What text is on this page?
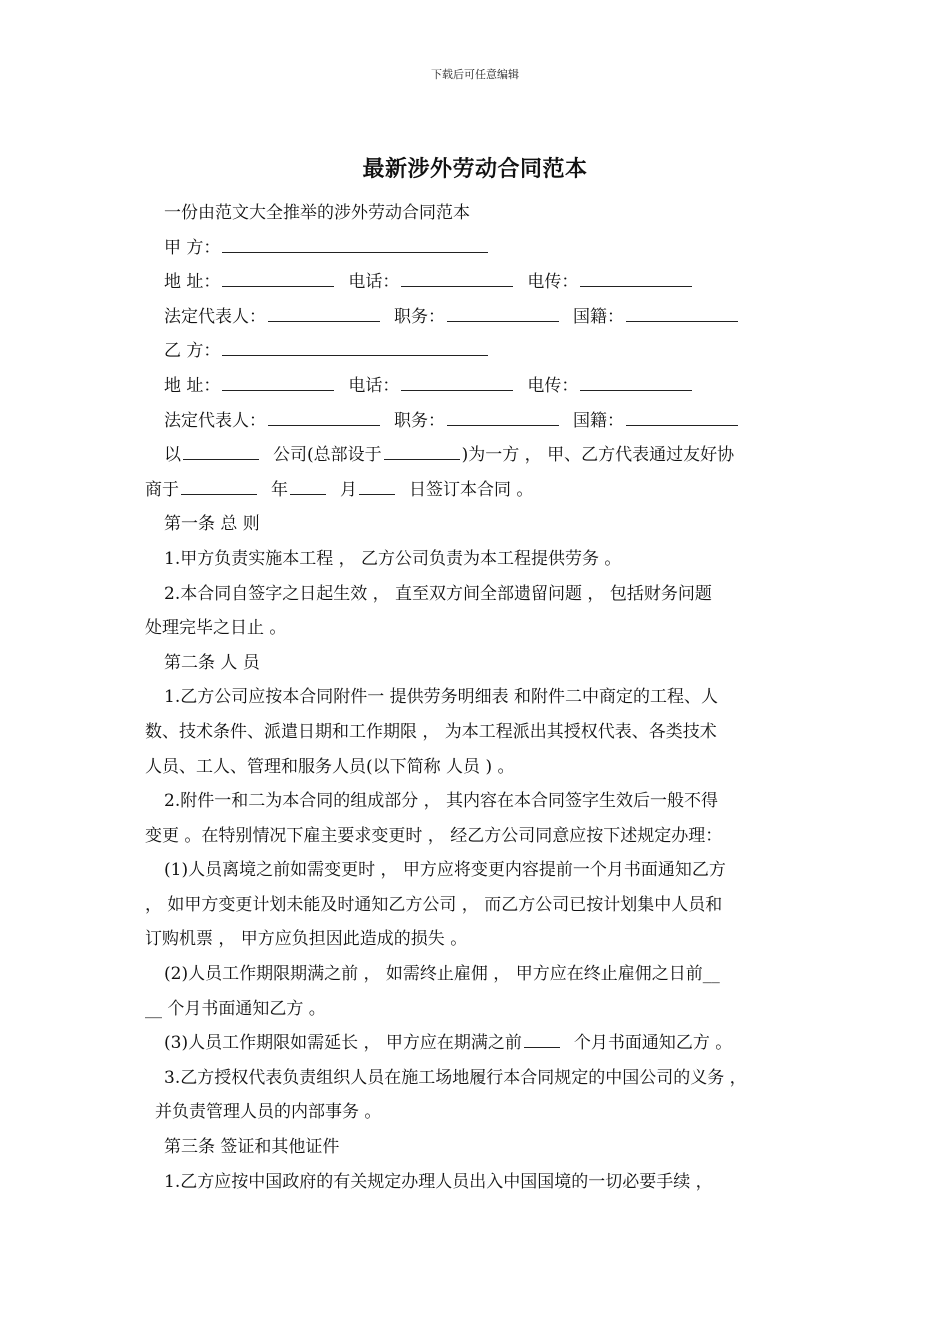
下载后可任意编辑
最新涉外劳动合同范本
一份由范文大全推举的涉外劳动合同范本
甲 方：
地 址：	电话：	电传：
法定代表人：	职务：	国籍：
乙 方：
地 址：	电话：	电传：
法定代表人：	职务：	国籍：
以	公司(总部设于	)为一方 ， 甲、乙方代表通过友好协
商于	年	月	日签订本合同 。
第一条 总 则
1.甲方负责实施本工程 ， 乙方公司负责为本工程提供劳务 。
2.本合同自签字之日起生效 ， 直至双方间全部遗留问题 ， 包括财务问题
处理完毕之日止 。
第二条 人 员
1.乙方公司应按本合同附件一 提供劳务明细表 和附件二中商定的工程、人
数、技术条件、派遣日期和工作期限 ， 为本工程派出其授权代表、各类技术
人员、工人、管理和服务人员(以下简称 人员 ) 。
2.附件一和二为本合同的组成部分 ， 其内容在本合同签字生效后一般不得
变更 。在特别情况下雇主要求变更时 ， 经乙方公司同意应按下述规定办理：
(1)人员离境之前如需变更时 ， 甲方应将变更内容提前一个月书面通知乙方
， 如甲方变更计划未能及时通知乙方公司 ， 而乙方公司已按计划集中人员和
订购机票 ， 甲方应负担因此造成的损失 。
(2)人员工作期限期满之前 ， 如需终止雇佣 ， 甲方应在终止雇佣之日前__
__ 个月书面通知乙方 。
(3)人员工作期限如需延长 ， 甲方应在期满之前	个月书面通知乙方 。
3.乙方授权代表负责组织人员在施工场地履行本合同规定的中国公司的义务 ，
并负责管理人员的内部事务 。
第三条 签证和其他证件
1.乙方应按中国政府的有关规定办理人员出入中国国境的一切必要手续 ，
